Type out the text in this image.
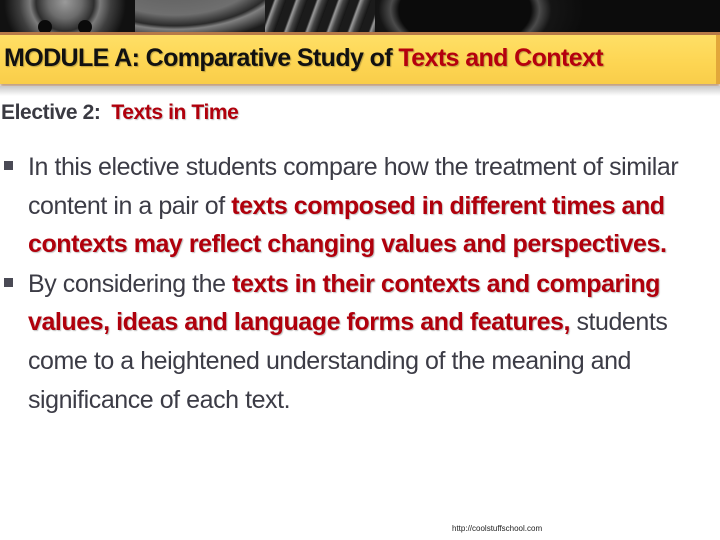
MODULE A: Comparative Study of Texts and Context
Elective 2:  Texts in Time
In this elective students compare how the treatment of similar content in a pair of texts composed in different times and contexts may reflect changing values and perspectives.
By considering the texts in their contexts and comparing values, ideas and language forms and features, students come to a heightened understanding of the meaning and significance of each text.
http://coolstuffschool.com
